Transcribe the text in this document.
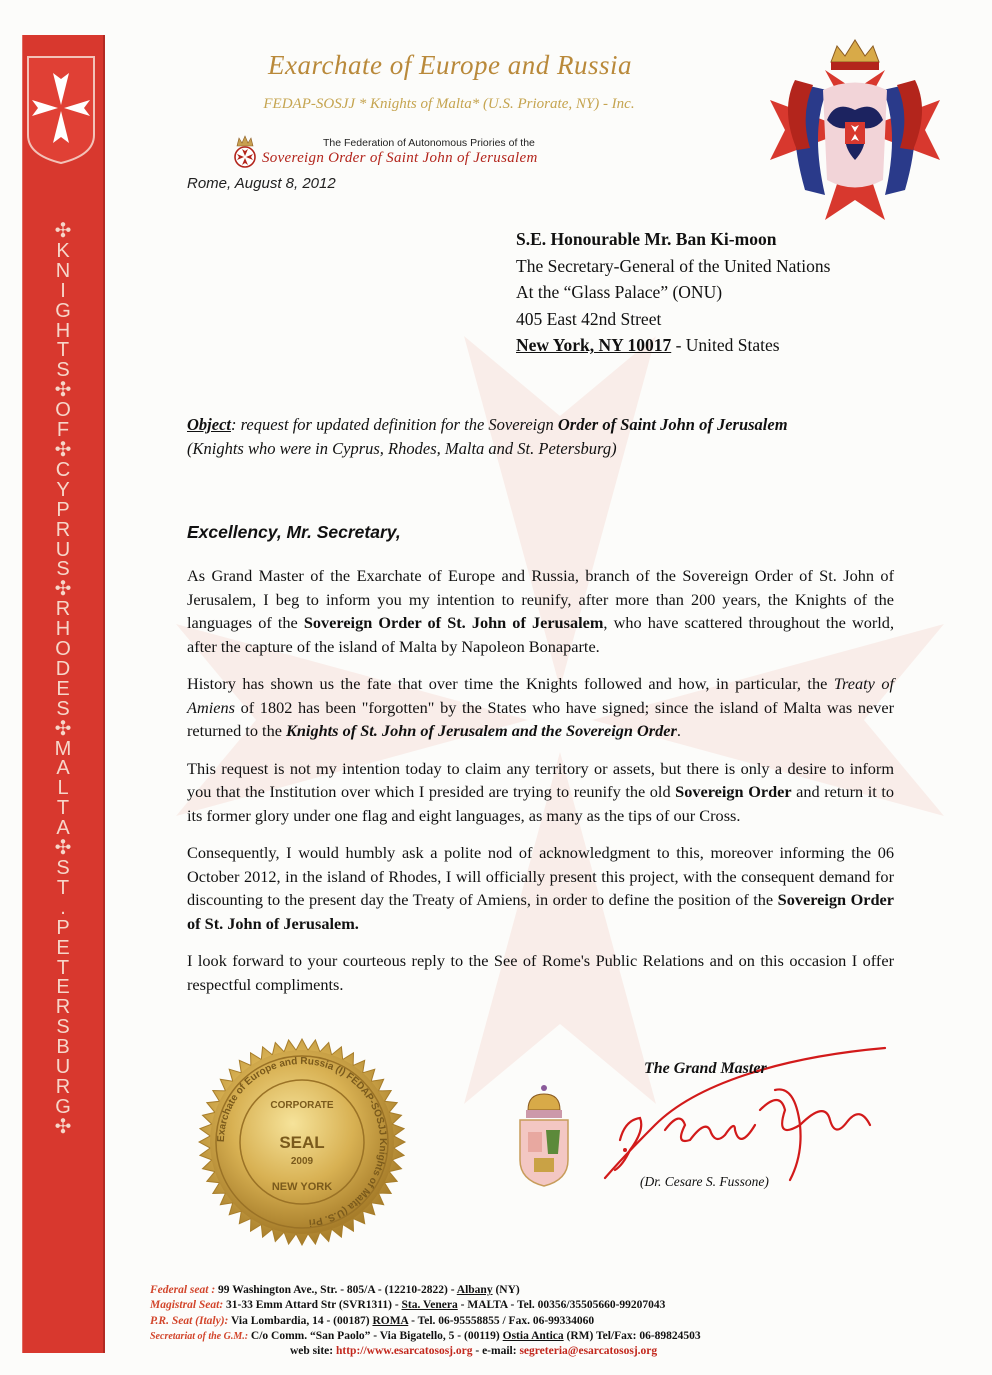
✣
K
N
I
G
H
T
S
✣
O
F
✣
C
Y
P
R
U
S
✣
R
H
O
D
E
S
✣
M
A
L
T
A
✣
S
T
.
P
E
T
E
R
S
B
U
R
G
✣
Exarchate of Europe and Russia
FEDAP-SOSJJ * Knights of Malta* (U.S. Priorate, NY) - Inc.
The Federation of Autonomous Priories of the
Sovereign Order of Saint John of Jerusalem
Rome, August 8, 2012
S.E. Honourable Mr. Ban Ki-moon
The Secretary-General of the United Nations
At the “Glass Palace” (ONU)
405 East 42nd Street
New York, NY 10017 - United States
Object: request for updated definition for the Sovereign Order of Saint John of Jerusalem
(Knights who were in Cyprus, Rhodes, Malta and St. Petersburg)
Excellency, Mr. Secretary,

As Grand Master of the Exarchate of Europe and Russia, branch of the Sovereign Order of St. John of Jerusalem, I beg to inform you my intention to reunify, after more than 200 years, the Knights of the languages of the Sovereign Order of St. John of Jerusalem, who have scattered throughout the world, after the capture of the island of Malta by Napoleon Bonaparte.

History has shown us the fate that over time the Knights followed and how, in particular, the Treaty of Amiens of 1802 has been "forgotten" by the States who have signed; since the island of Malta was never returned to the Knights of St. John of Jerusalem and the Sovereign Order.

This request is not my intention today to claim any territory or assets, but there is only a desire to inform you that the Institution over which I presided are trying to reunify the old Sovereign Order and return it to its former glory under one flag and eight languages, as many as the tips of our Cross.

Consequently, I would humbly ask a polite nod of acknowledgment to this, moreover informing the 06 October 2012, in the island of Rhodes, I will officially present this project, with the consequent demand for discounting to the present day the Treaty of Amiens, in order to define the position of the Sovereign Order of St. John of Jerusalem.

I look forward to your courteous reply to the See of Rome's Public Relations and on this occasion I offer respectful compliments.

Exarchate of Europe and Russia (I) FEDAP-SOSJJ Knights of Malta (U.S. Pri
CORPORATE
SEAL
2009
NEW YORK
The Grand Master
(Dr. Cesare S. Fussone)
Federal seat : 99 Washington Ave., Str. - 805/A - (12210-2822) - Albany (NY)
Magistral Seat: 31-33 Emm Attard Str (SVR1311) - Sta. Venera - MALTA - Tel. 00356/35505660-99207043
P.R. Seat (Italy): Via Lombardia, 14 - (00187) ROMA - Tel. 06-95558855 / Fax. 06-99334060
Secretariat of the G.M.: C/o Comm. “San Paolo” - Via Bigatello, 5 - (00119) Ostia Antica (RM) Tel/Fax: 06-89824503
web site: http://www.esarcatososj.org - e-mail: segreteria@esarcatososj.org
